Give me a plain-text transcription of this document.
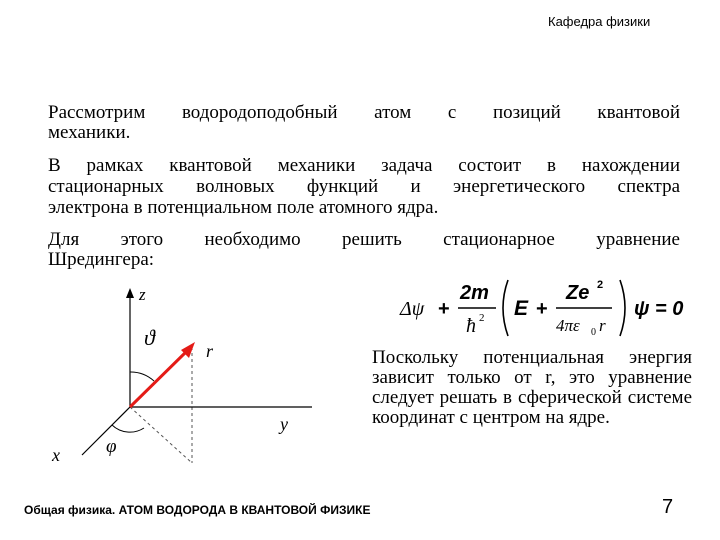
Кафедра физики
Рассмотрим водородоподобный атом с позиций квантовой
механики.
В рамках квантовой механики задача состоит в нахождении
стационарных волновых функций и энергетического спектра
электрона в потенциальном поле атомного ядра.
Для этого необходимо решить стационарное уравнение
Шредингера:
z
ϑ
r
y
x φ
Δψ +
2m
ħ 2 E +
Ze 2
4πε 0 r
ψ = 0
Поскольку потенциальная энергия зависит только от r, это уравнение следует решать в сферической системе координат с центром на ядре.
Общая физика. АТОМ ВОДОРОДА В КВАНТОВОЙ ФИЗИКЕ	7
